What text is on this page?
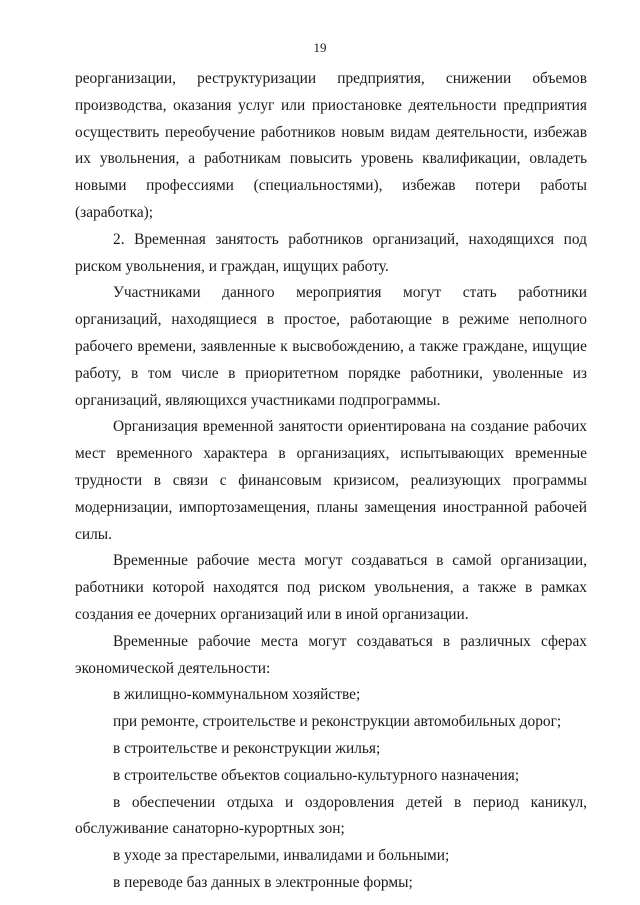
19

реорганизации, реструктуризации предприятия, снижении объемов производства, оказания услуг или приостановке деятельности предприятия осуществить переобучение работников новым видам деятельности, избежав их увольнения, а работникам повысить уровень квалификации, овладеть новыми профессиями (специальностями), избежав потери работы (заработка);

2. Временная занятость работников организаций, находящихся под риском увольнения, и граждан, ищущих работу.

Участниками данного мероприятия могут стать работники организаций, находящиеся в простое, работающие в режиме неполного рабочего времени, заявленные к высвобождению, а также граждане, ищущие работу, в том числе в приоритетном порядке работники, уволенные из организаций, являющихся участниками подпрограммы.

Организация временной занятости ориентирована на создание рабочих мест временного характера в организациях, испытывающих временные трудности в связи с финансовым кризисом, реализующих программы модернизации, импортозамещения, планы замещения иностранной рабочей силы.

Временные рабочие места могут создаваться в самой организации, работники которой находятся под риском увольнения, а также в рамках создания ее дочерних организаций или в иной организации.

Временные рабочие места могут создаваться в различных сферах экономической деятельности:

в жилищно-коммунальном хозяйстве;

при ремонте, строительстве и реконструкции автомобильных дорог;

в строительстве и реконструкции жилья;

в строительстве объектов социально-культурного назначения;

в обеспечении отдыха и оздоровления детей в период каникул, обслуживание санаторно-курортных зон;

в уходе за престарелыми, инвалидами и больными;

в переводе баз данных в электронные формы;
